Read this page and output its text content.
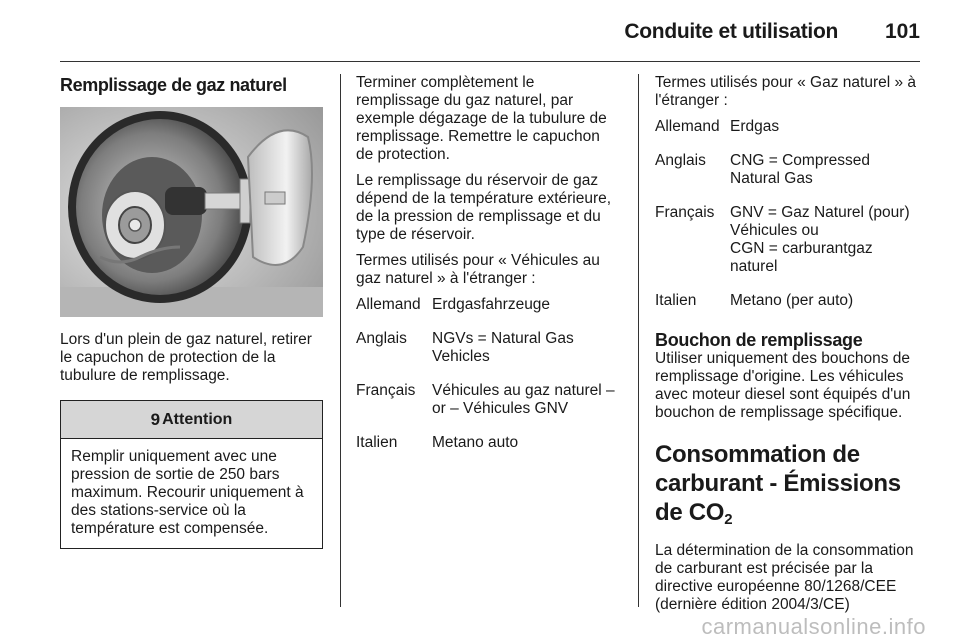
Conduite et utilisation 101
Remplissage de gaz naturel

Lors d'un plein de gaz naturel, retirer le capuchon de protection de la tubulure de remplissage.

9 Attention
Remplir uniquement avec une pression de sortie de 250 bars maximum. Recourir uniquement à des stations-service où la température est compensée.

Terminer complètement le remplissage du gaz naturel, par exemple dégazage de la tubulure de remplissage. Remettre le capuchon de protection.

Le remplissage du réservoir de gaz dépend de la température extérieure, de la pression de remplissage et du type de réservoir.

Termes utilisés pour « Véhicules au gaz naturel » à l'étranger :

Allemand	Erdgasfahrzeuge
Anglais	NGVs = Natural Gas Vehicles
Français	Véhicules au gaz naturel – or – Véhicules GNV
Italien	Metano auto

Termes utilisés pour « Gaz naturel » à l'étranger :

Allemand	Erdgas
Anglais	CNG = Compressed Natural Gas
Français	GNV = Gaz Naturel (pour) Véhicules ou
CGN = carburantgaz naturel

Italien	Metano (per auto)
Bouchon de remplissage

Utiliser uniquement des bouchons de remplissage d'origine. Les véhicules avec moteur diesel sont équipés d'un bouchon de remplissage spécifique.

Consommation de carburant - Émissions de $CO_2$

La détermination de la consommation de carburant est précisée par la directive européenne 80/1268/CEE (dernière édition 2004/3/CE)

carmanualsonline.info
